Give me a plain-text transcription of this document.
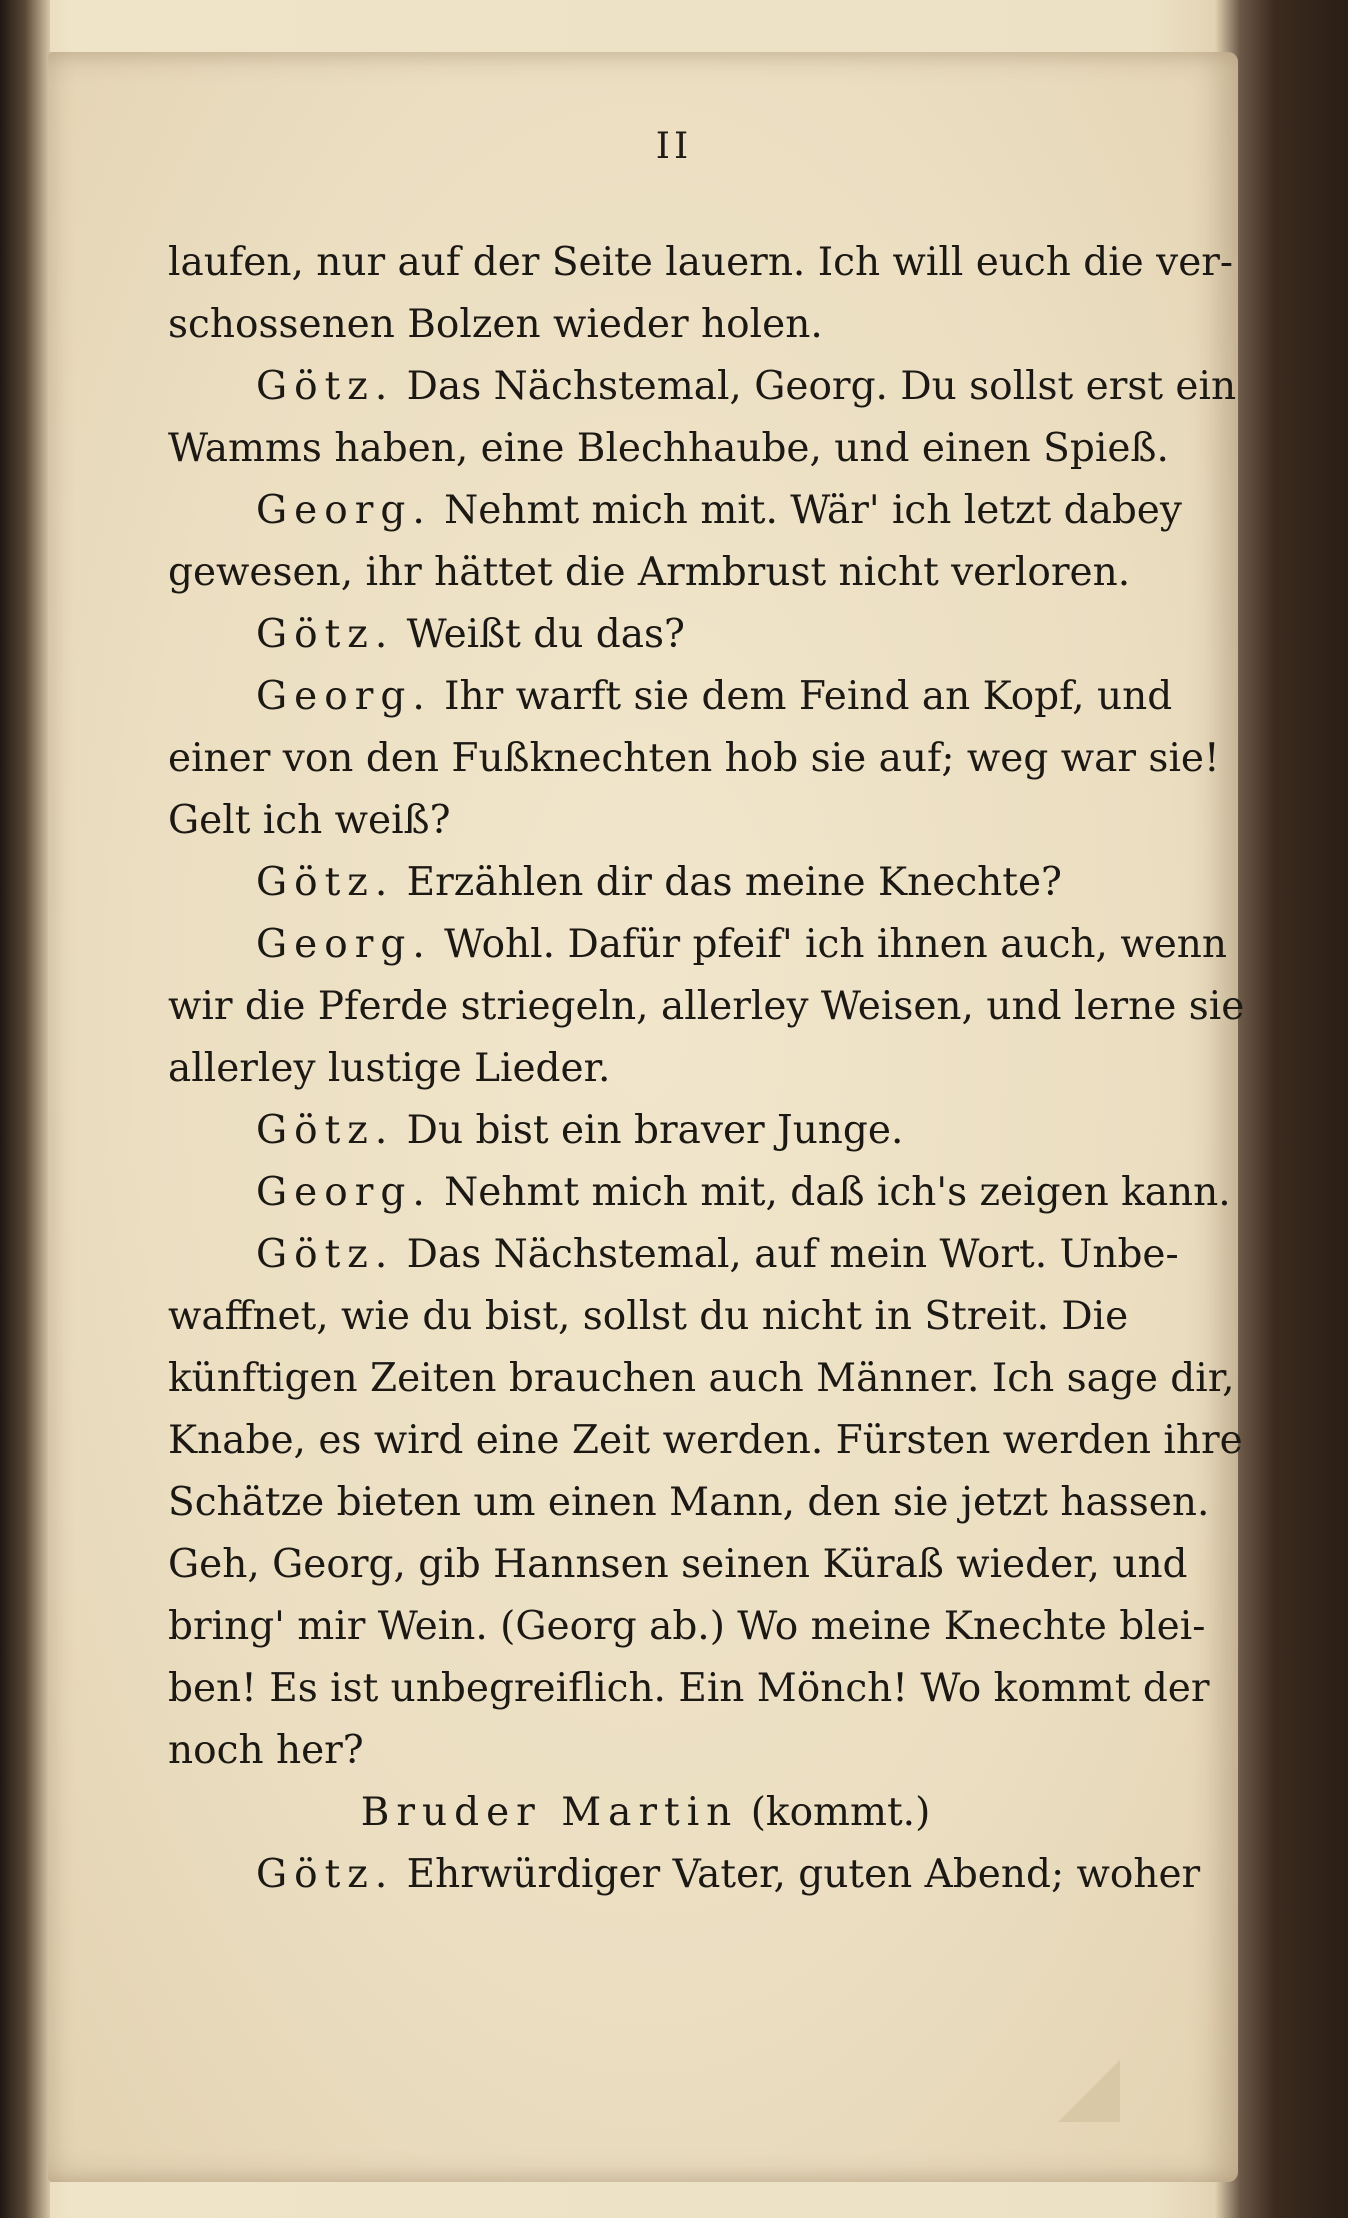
II
laufen, nur auf der Seite lauern. Ich will euch die ver-
schossenen Bolzen wieder holen.
Götz. Das Nächstemal, Georg. Du sollst erst ein
Wamms haben, eine Blechhaube, und einen Spieß.
Georg. Nehmt mich mit. Wär' ich letzt dabey
gewesen, ihr hättet die Armbrust nicht verloren.
Götz. Weißt du das?
Georg. Ihr warft sie dem Feind an Kopf, und
einer von den Fußknechten hob sie auf; weg war sie!
Gelt ich weiß?
Götz. Erzählen dir das meine Knechte?
Georg. Wohl. Dafür pfeif' ich ihnen auch, wenn
wir die Pferde striegeln, allerley Weisen, und lerne sie
allerley lustige Lieder.
Götz. Du bist ein braver Junge.
Georg. Nehmt mich mit, daß ich's zeigen kann.
Götz. Das Nächstemal, auf mein Wort. Unbe-
waffnet, wie du bist, sollst du nicht in Streit. Die
künftigen Zeiten brauchen auch Männer. Ich sage dir,
Knabe, es wird eine Zeit werden. Fürsten werden ihre
Schätze bieten um einen Mann, den sie jetzt hassen.
Geh, Georg, gib Hannsen seinen Küraß wieder, und
bring' mir Wein. (Georg ab.) Wo meine Knechte blei-
ben! Es ist unbegreiflich. Ein Mönch! Wo kommt der
noch her?
Bruder Martin (kommt.)
Götz. Ehrwürdiger Vater, guten Abend; woher
